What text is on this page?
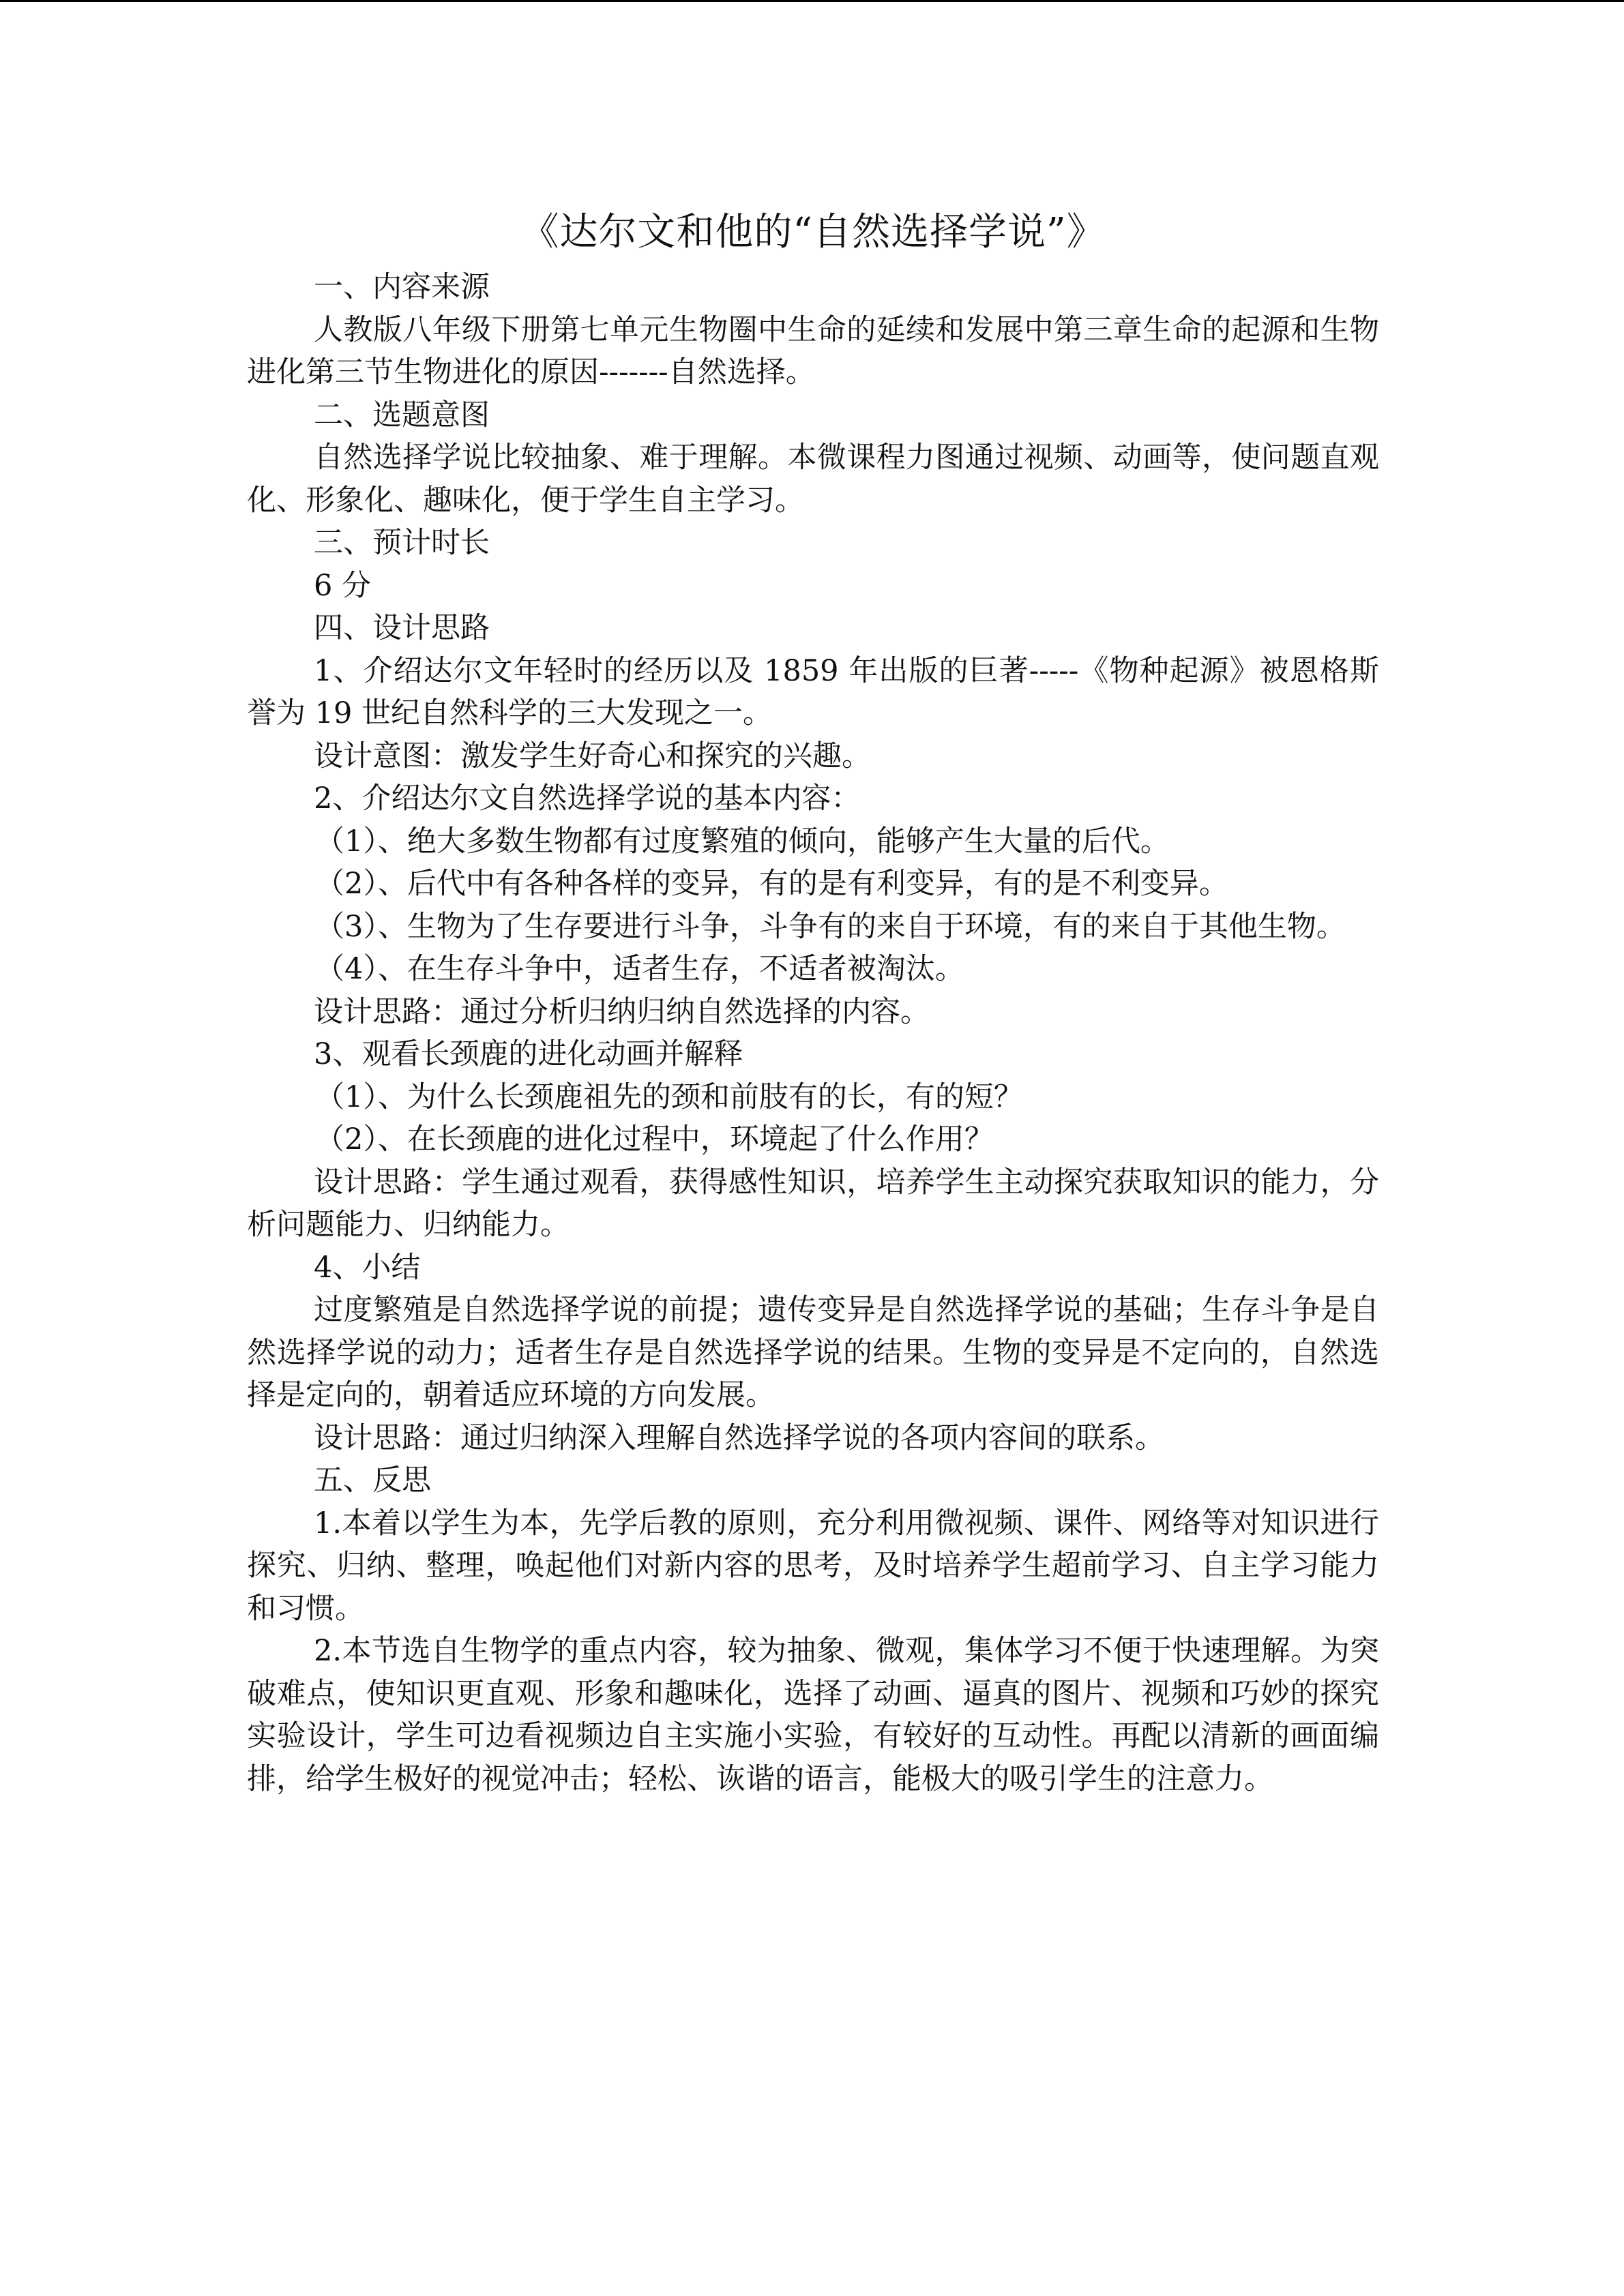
《达尔文和他的“自然选择学说”》

一、内容来源

人教版八年级下册第七单元生物圈中生命的延续和发展中第三章生命的起源和生物进化第三节生物进化的原因-------自然选择。

二、选题意图

自然选择学说比较抽象、难于理解。本微课程力图通过视频、动画等，使问题直观化、形象化、趣味化，便于学生自主学习。

三、预计时长

6 分

四、设计思路

1、介绍达尔文年轻时的经历以及 1859 年出版的巨著-----《物种起源》被恩格斯誉为 19 世纪自然科学的三大发现之一。

设计意图：激发学生好奇心和探究的兴趣。

2、介绍达尔文自然选择学说的基本内容：

（1）、绝大多数生物都有过度繁殖的倾向，能够产生大量的后代。

（2）、后代中有各种各样的变异，有的是有利变异，有的是不利变异。

（3）、生物为了生存要进行斗争，斗争有的来自于环境，有的来自于其他生物。

（4）、在生存斗争中，适者生存，不适者被淘汰。

设计思路：通过分析归纳归纳自然选择的内容。

3、观看长颈鹿的进化动画并解释

（1）、为什么长颈鹿祖先的颈和前肢有的长，有的短？

（2）、在长颈鹿的进化过程中，环境起了什么作用？

设计思路：学生通过观看，获得感性知识，培养学生主动探究获取知识的能力，分析问题能力、归纳能力。

4、小结

过度繁殖是自然选择学说的前提；遗传变异是自然选择学说的基础；生存斗争是自然选择学说的动力；适者生存是自然选择学说的结果。生物的变异是不定向的，自然选择是定向的，朝着适应环境的方向发展。

设计思路：通过归纳深入理解自然选择学说的各项内容间的联系。

五、反思

1.本着以学生为本，先学后教的原则，充分利用微视频、课件、网络等对知识进行探究、归纳、整理，唤起他们对新内容的思考，及时培养学生超前学习、自主学习能力和习惯。

2.本节选自生物学的重点内容，较为抽象、微观，集体学习不便于快速理解。为突破难点，使知识更直观、形象和趣味化，选择了动画、逼真的图片、视频和巧妙的探究实验设计，学生可边看视频边自主实施小实验，有较好的互动性。再配以清新的画面编排，给学生极好的视觉冲击；轻松、诙谐的语言，能极大的吸引学生的注意力。
